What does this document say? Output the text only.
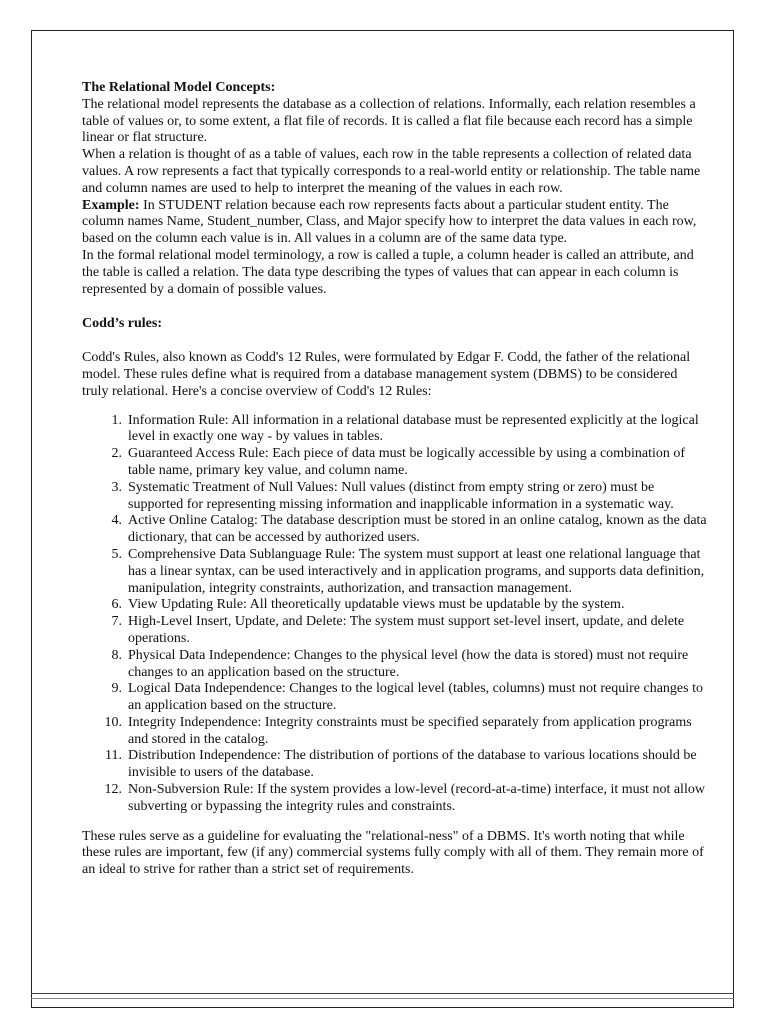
The Relational Model Concepts:

The relational model represents the database as a collection of relations. Informally, each relation resembles a table of values or, to some extent, a flat file of records. It is called a flat file because each record has a simple linear or flat structure.

When a relation is thought of as a table of values, each row in the table represents a collection of related data values. A row represents a fact that typically corresponds to a real-world entity or relationship. The table name and column names are used to help to interpret the meaning of the values in each row.

Example: In STUDENT relation because each row represents facts about a particular student entity. The column names Name, Student_number, Class, and Major specify how to interpret the data values in each row, based on the column each value is in. All values in a column are of the same data type.

In the formal relational model terminology, a row is called a tuple, a column header is called an attribute, and the table is called a relation. The data type describing the types of values that can appear in each column is represented by a domain of possible values.

Codd’s rules:

Codd's Rules, also known as Codd's 12 Rules, were formulated by Edgar F. Codd, the father of the relational model. These rules define what is required from a database management system (DBMS) to be considered truly relational. Here's a concise overview of Codd's 12 Rules:

1. Information Rule: All information in a relational database must be represented explicitly at the logical level in exactly one way - by values in tables.
2. Guaranteed Access Rule: Each piece of data must be logically accessible by using a combination of table name, primary key value, and column name.
3. Systematic Treatment of Null Values: Null values (distinct from empty string or zero) must be supported for representing missing information and inapplicable information in a systematic way.
4. Active Online Catalog: The database description must be stored in an online catalog, known as the data dictionary, that can be accessed by authorized users.
5. Comprehensive Data Sublanguage Rule: The system must support at least one relational language that has a linear syntax, can be used interactively and in application programs, and supports data definition, manipulation, integrity constraints, authorization, and transaction management.
6. View Updating Rule: All theoretically updatable views must be updatable by the system.
7. High-Level Insert, Update, and Delete: The system must support set-level insert, update, and delete operations.
8. Physical Data Independence: Changes to the physical level (how the data is stored) must not require changes to an application based on the structure.
9. Logical Data Independence: Changes to the logical level (tables, columns) must not require changes to an application based on the structure.
10. Integrity Independence: Integrity constraints must be specified separately from application programs and stored in the catalog.
11. Distribution Independence: The distribution of portions of the database to various locations should be invisible to users of the database.
12. Non-Subversion Rule: If the system provides a low-level (record-at-a-time) interface, it must not allow subverting or bypassing the integrity rules and constraints.

These rules serve as a guideline for evaluating the "relational-ness" of a DBMS. It's worth noting that while these rules are important, few (if any) commercial systems fully comply with all of them. They remain more of an ideal to strive for rather than a strict set of requirements.
